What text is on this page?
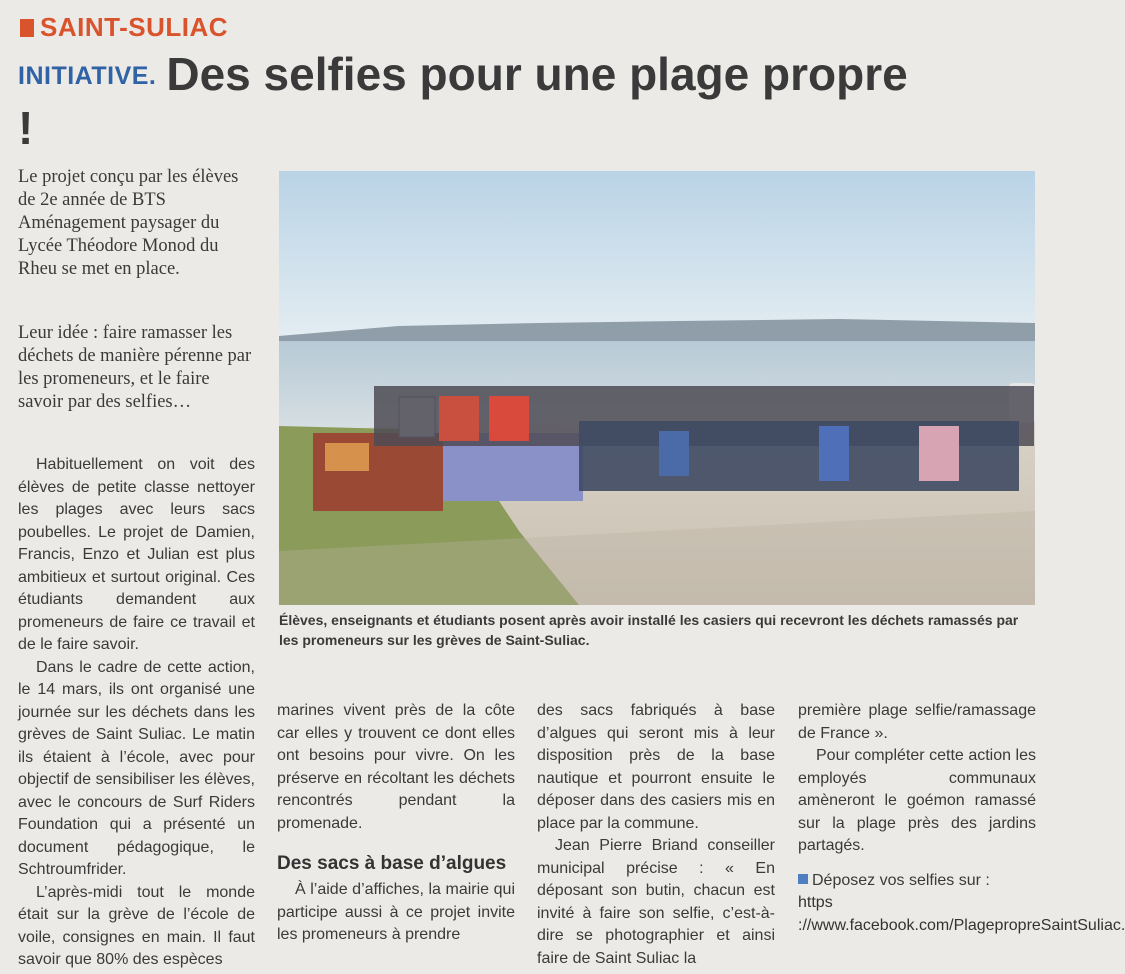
SAINT-SULIAC
INITIATIVE. Des selfies pour une plage propre !

Le projet conçu par les élèves de 2e année de BTS Aménagement paysager du Lycée Théodore Monod du Rheu se met en place.

Leur idée : faire ramasser les déchets de manière pérenne par les promeneurs, et le faire savoir par des selfies…

Élèves, enseignants et étudiants posent après avoir installé les casiers qui recevront les déchets ramassés par les promeneurs sur les grèves de Saint-Suliac.

Habituellement on voit des élèves de petite classe nettoyer les plages avec leurs sacs poubelles. Le projet de Damien, Francis, Enzo et Julian est plus ambitieux et surtout original. Ces étudiants demandent aux promeneurs de faire ce travail et de le faire savoir.

Dans le cadre de cette action, le 14 mars, ils ont organisé une journée sur les déchets dans les grèves de Saint Suliac. Le matin ils étaient à l’école, avec pour objectif de sensibiliser les élèves, avec le concours de Surf Riders Foundation qui a présenté un document pédagogique, le Schtroumfrider.

L’après-midi tout le monde était sur la grève de l’école de voile, consignes en main. Il faut savoir que 80% des espèces

marines vivent près de la côte car elles y trouvent ce dont elles ont besoins pour vivre. On les préserve en récoltant les déchets rencontrés pendant la promenade.

Des sacs à base d’algues

À l’aide d’affiches, la mairie qui participe aussi à ce projet invite les promeneurs à prendre

des sacs fabriqués à base d’algues qui seront mis à leur disposition près de la base nautique et pourront ensuite le déposer dans des casiers mis en place par la commune.

Jean Pierre Briand conseiller municipal précise : « En déposant son butin, chacun est invité à faire son selfie, c’est-à-dire se photographier et ainsi faire de Saint Suliac la

première plage selfie/ramassage de France ».

Pour compléter cette action les employés communaux amèneront le goémon ramassé sur la plage près des jardins partagés.

Déposez vos selfies sur :
https ://www.facebook.com/PlagepropreSaintSuliac.
